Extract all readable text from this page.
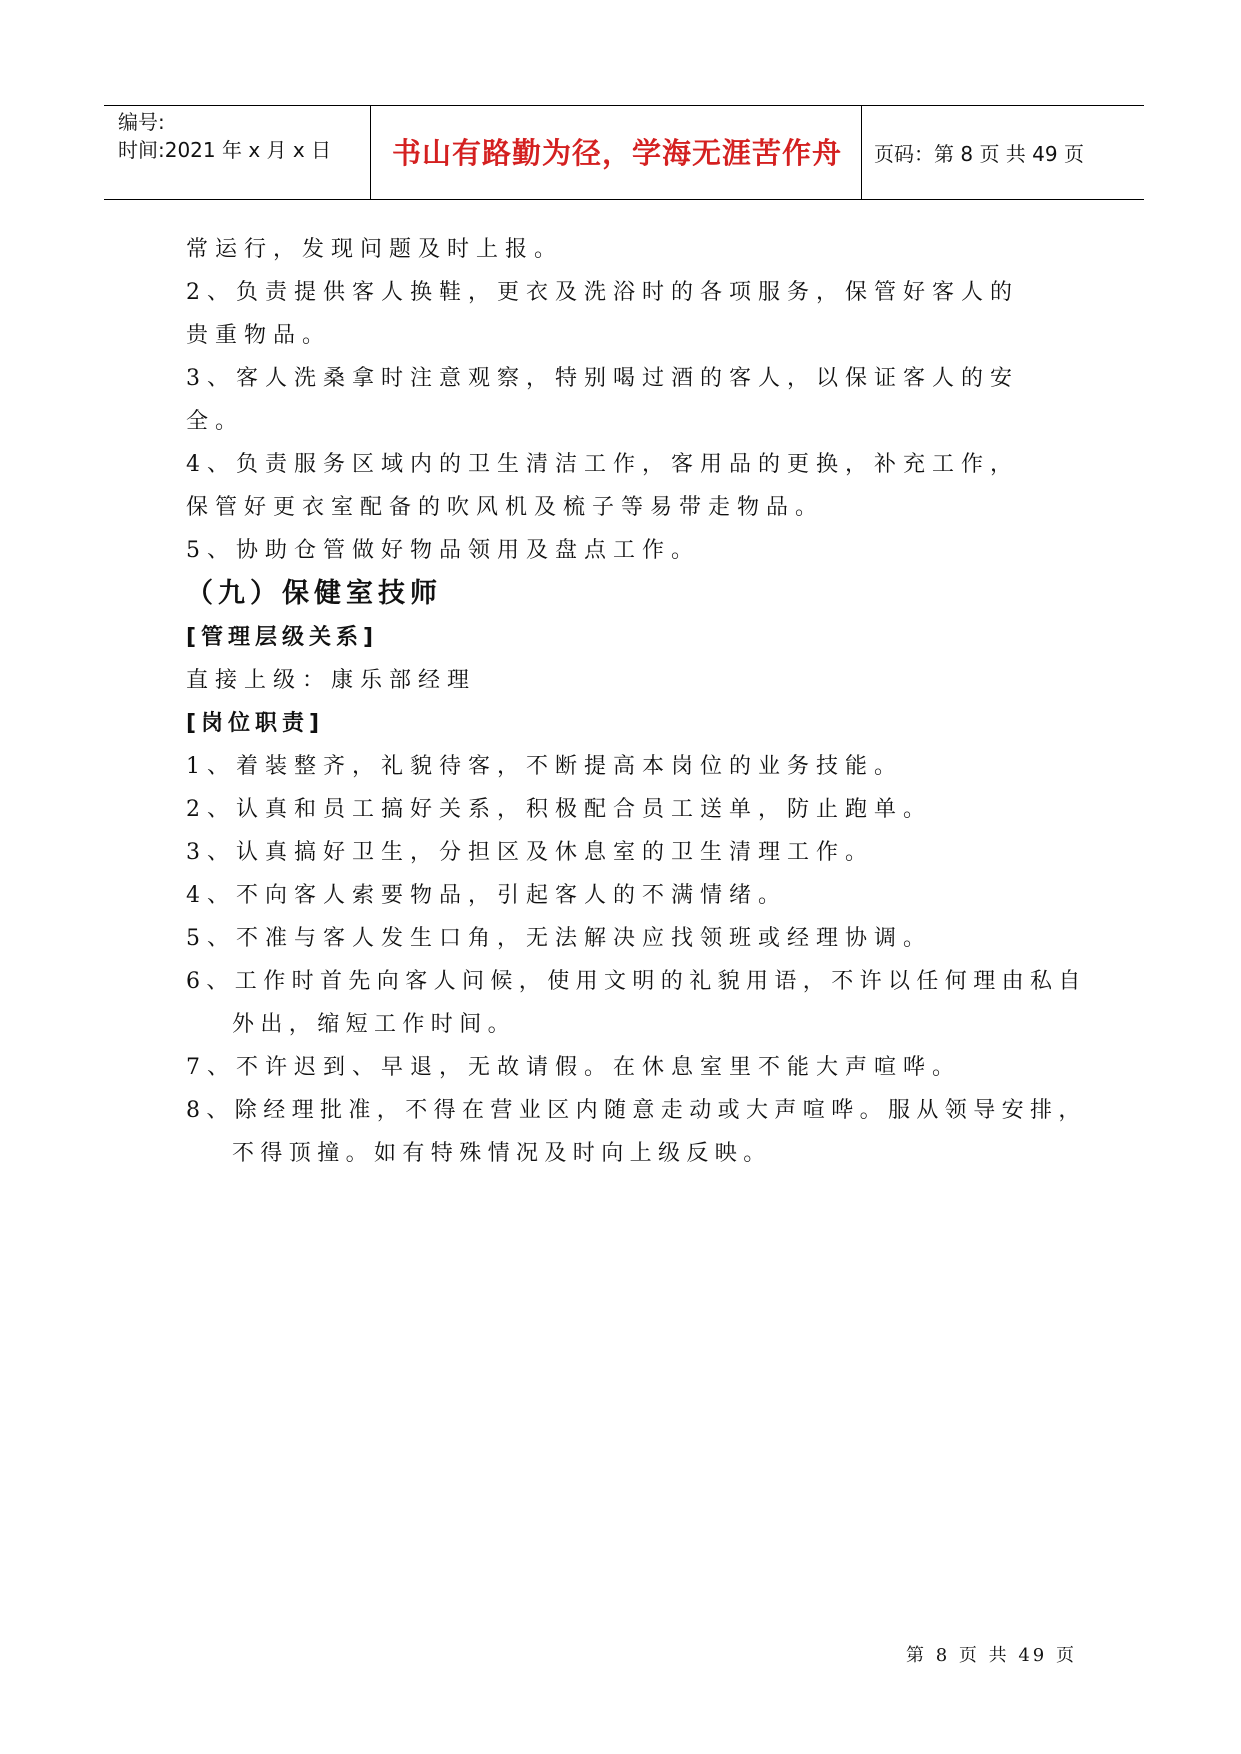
编号:
时间:2021 年 x 月 x 日	书山有路勤为径，学海无涯苦作舟	页码：第 8 页 共 49 页
常运行，发现问题及时上报。
2、负责提供客人换鞋，更衣及洗浴时的各项服务，保管好客人的
贵重物品。
3、客人洗桑拿时注意观察，特别喝过酒的客人，以保证客人的安
全。
4、负责服务区域内的卫生清洁工作，客用品的更换，补充工作，
保管好更衣室配备的吹风机及梳子等易带走物品。
5、协助仓管做好物品领用及盘点工作。
（九）保健室技师
[管理层级关系]
直接上级：康乐部经理
[岗位职责]
1、着装整齐，礼貌待客，不断提高本岗位的业务技能。
2、认真和员工搞好关系，积极配合员工送单，防止跑单。
3、认真搞好卫生，分担区及休息室的卫生清理工作。
4、不向客人索要物品，引起客人的不满情绪。
5、不准与客人发生口角，无法解决应找领班或经理协调。
6、工作时首先向客人问候，使用文明的礼貌用语，不许以任何理由私自外出，缩短工作时间。
7、不许迟到、早退，无故请假。在休息室里不能大声喧哗。
8、除经理批准，不得在营业区内随意走动或大声喧哗。服从领导安排，不得顶撞。如有特殊情况及时向上级反映。
第 8 页 共 49 页
